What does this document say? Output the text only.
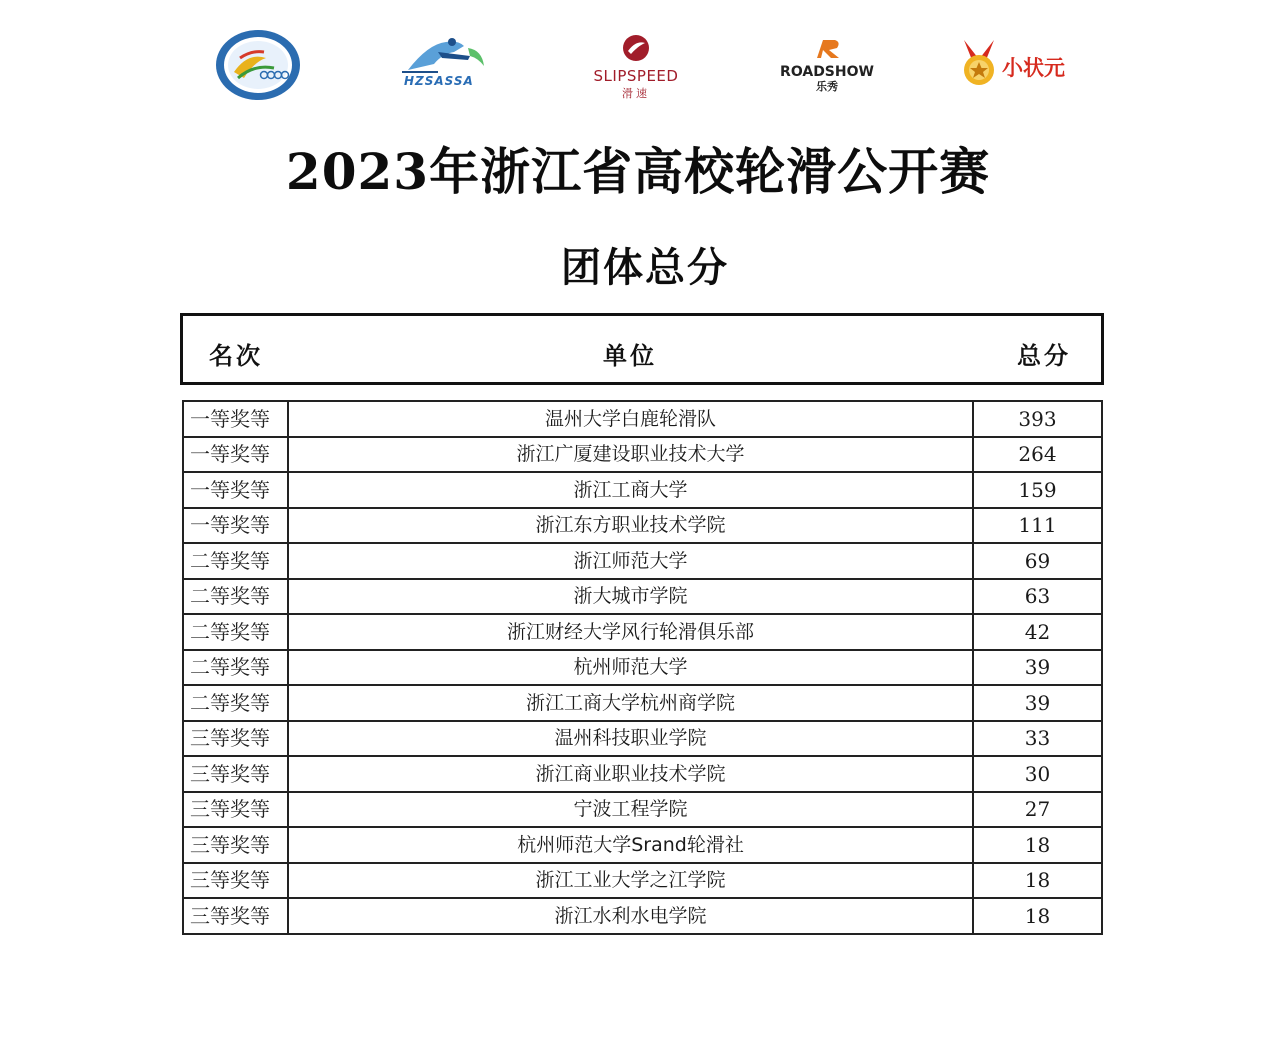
HZSASSA	SLIPSPEED
滑速
ROADSHOW
乐秀
小状元
2023年浙江省高校轮滑公开赛
团体总分
名次	单位	总分
一等奖等	温州大学白鹿轮滑队	393
一等奖等	浙江广厦建设职业技术大学	264
一等奖等	浙江工商大学	159
一等奖等	浙江东方职业技术学院	111
二等奖等	浙江师范大学	69
二等奖等	浙大城市学院	63
二等奖等	浙江财经大学风行轮滑俱乐部	42
二等奖等	杭州师范大学	39
二等奖等	浙江工商大学杭州商学院	39
三等奖等	温州科技职业学院	33
三等奖等	浙江商业职业技术学院	30
三等奖等	宁波工程学院	27
三等奖等	杭州师范大学Srand轮滑社	18
三等奖等	浙江工业大学之江学院	18
三等奖等	浙江水利水电学院	18
